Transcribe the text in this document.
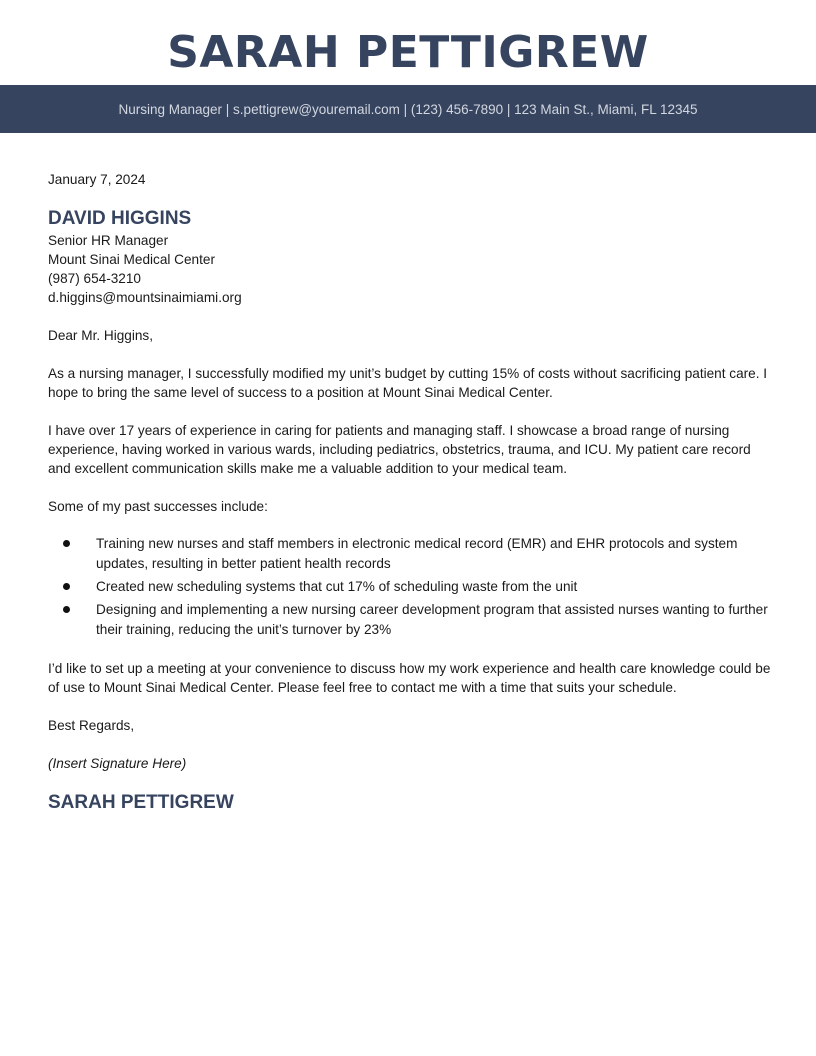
SARAH PETTIGREW
Nursing Manager | s.pettigrew@youremail.com | (123) 456-7890 | 123 Main St., Miami, FL 12345

January 7, 2024

DAVID HIGGINS

Senior HR Manager

Mount Sinai Medical Center

(987) 654-3210

d.higgins@mountsinaimiami.org

Dear Mr. Higgins,

As a nursing manager, I successfully modified my unit’s budget by cutting 15% of costs without sacrificing patient care. I hope to bring the same level of success to a position at Mount Sinai Medical Center.

I have over 17 years of experience in caring for patients and managing staff. I showcase a broad range of nursing experience, having worked in various wards, including pediatrics, obstetrics, trauma, and ICU. My patient care record and excellent communication skills make me a valuable addition to your medical team.

Some of my past successes include:

Training new nurses and staff members in electronic medical record (EMR) and EHR protocols and system updates, resulting in better patient health records
Created new scheduling systems that cut 17% of scheduling waste from the unit
Designing and implementing a new nursing career development program that assisted nurses wanting to further their training, reducing the unit’s turnover by 23%

I’d like to set up a meeting at your convenience to discuss how my work experience and health care knowledge could be of use to Mount Sinai Medical Center. Please feel free to contact me with a time that suits your schedule.

Best Regards,

(Insert Signature Here)

SARAH PETTIGREW
